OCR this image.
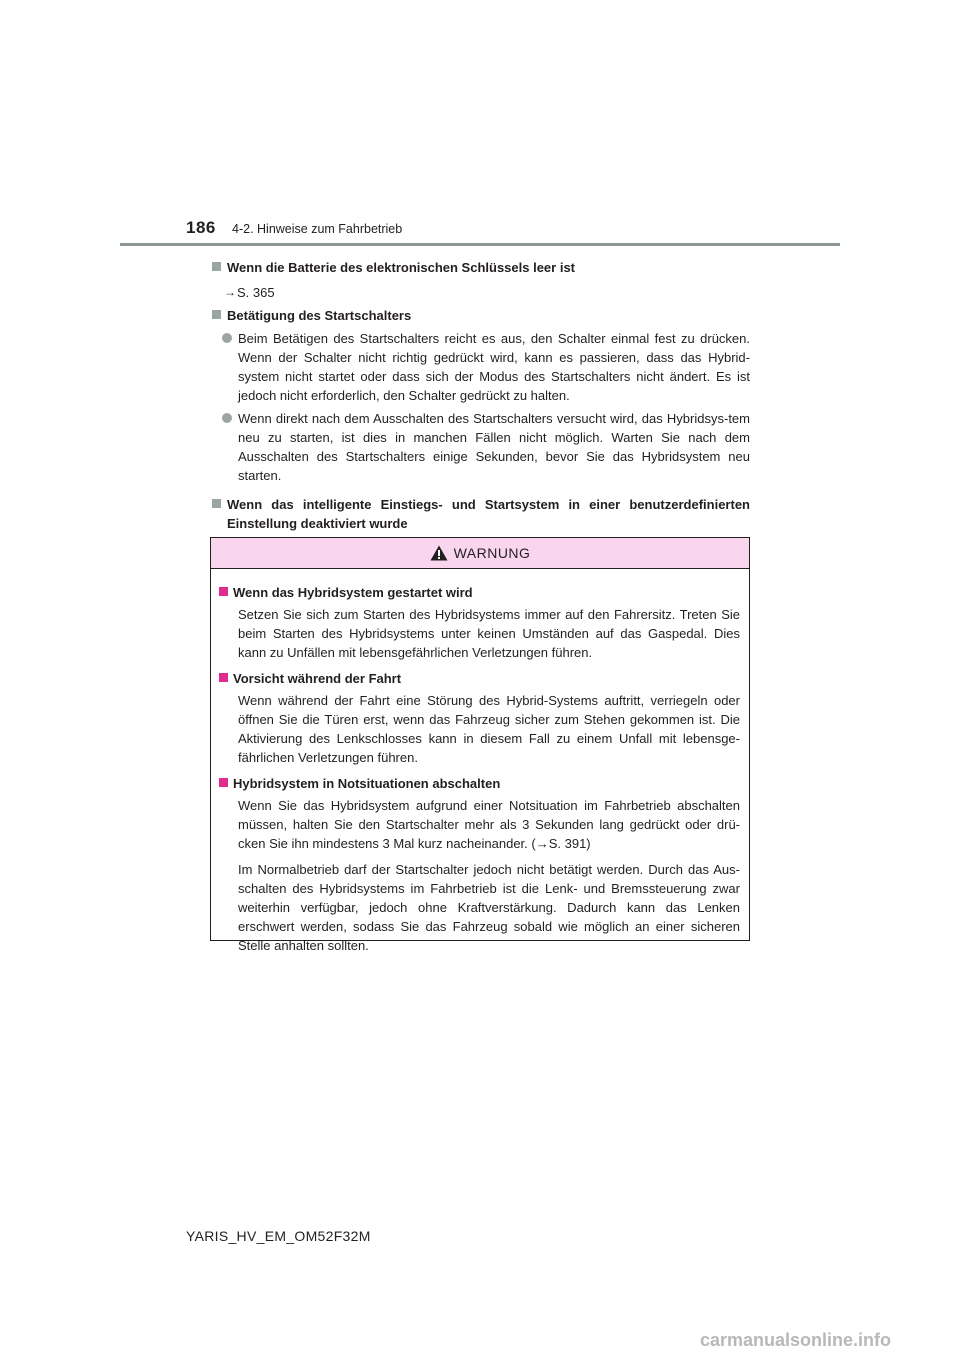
186 4-2. Hinweise zum Fahrbetrieb
Wenn die Batterie des elektronischen Schlüssels leer ist
→ S. 365
Betätigung des Startschalters
Beim Betätigen des Startschalters reicht es aus, den Schalter einmal fest zu drücken. Wenn der Schalter nicht richtig gedrückt wird, kann es passieren, dass das Hybrid-system nicht startet oder dass sich der Modus des Startschalters nicht ändert. Es ist jedoch nicht erforderlich, den Schalter gedrückt zu halten.
Wenn direkt nach dem Ausschalten des Startschalters versucht wird, das Hybridsys-tem neu zu starten, ist dies in manchen Fällen nicht möglich. Warten Sie nach dem Ausschalten des Startschalters einige Sekunden, bevor Sie das Hybridsystem neu starten.
Wenn das intelligente Einstiegs- und Startsystem in einer benutzerdefinierten Einstellung deaktiviert wurde
WARNUNG
Wenn das Hybridsystem gestartet wird
Setzen Sie sich zum Starten des Hybridsystems immer auf den Fahrersitz. Treten Sie beim Starten des Hybridsystems unter keinen Umständen auf das Gaspedal. Dies kann zu Unfällen mit lebensgefährlichen Verletzungen führen.
Vorsicht während der Fahrt
Wenn während der Fahrt eine Störung des Hybrid-Systems auftritt, verriegeln oder öffnen Sie die Türen erst, wenn das Fahrzeug sicher zum Stehen gekommen ist. Die Aktivierung des Lenkschlosses kann in diesem Fall zu einem Unfall mit lebensge-fährlichen Verletzungen führen.
Hybridsystem in Notsituationen abschalten
Wenn Sie das Hybridsystem aufgrund einer Notsituation im Fahrbetrieb abschalten müssen, halten Sie den Startschalter mehr als 3 Sekunden lang gedrückt oder drü-cken Sie ihn mindestens 3 Mal kurz nacheinander. (→S. 391)
Im Normalbetrieb darf der Startschalter jedoch nicht betätigt werden. Durch das Aus-schalten des Hybridsystems im Fahrbetrieb ist die Lenk- und Bremssteuerung zwar weiterhin verfügbar, jedoch ohne Kraftverstärkung. Dadurch kann das Lenken erschwert werden, sodass Sie das Fahrzeug sobald wie möglich an einer sicheren Stelle anhalten sollten.
YARIS_HV_EM_OM52F32M
carmanualsonline.info
